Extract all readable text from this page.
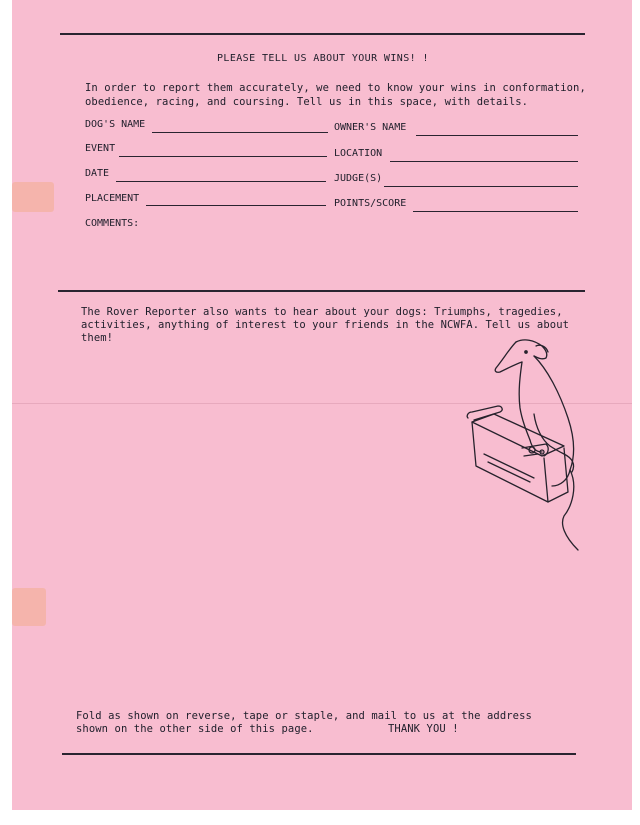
PLEASE TELL US ABOUT YOUR WINS! !
In order to report them accurately, we need to know your wins in conformation,
obedience, racing, and coursing. Tell us in this space, with details.
DOG'S NAME	OWNER'S NAME
EVENT	LOCATION
DATE	JUDGE(S)
PLACEMENT	POINTS/SCORE
COMMENTS:
The Rover Reporter also wants to hear about your dogs: Triumphs, tragedies,
activities, anything of interest to your friends in the NCWFA. Tell us about
them!
Fold as shown on reverse, tape or staple, and mail to us at the address
shown on the other side of this page.	THANK YOU !
